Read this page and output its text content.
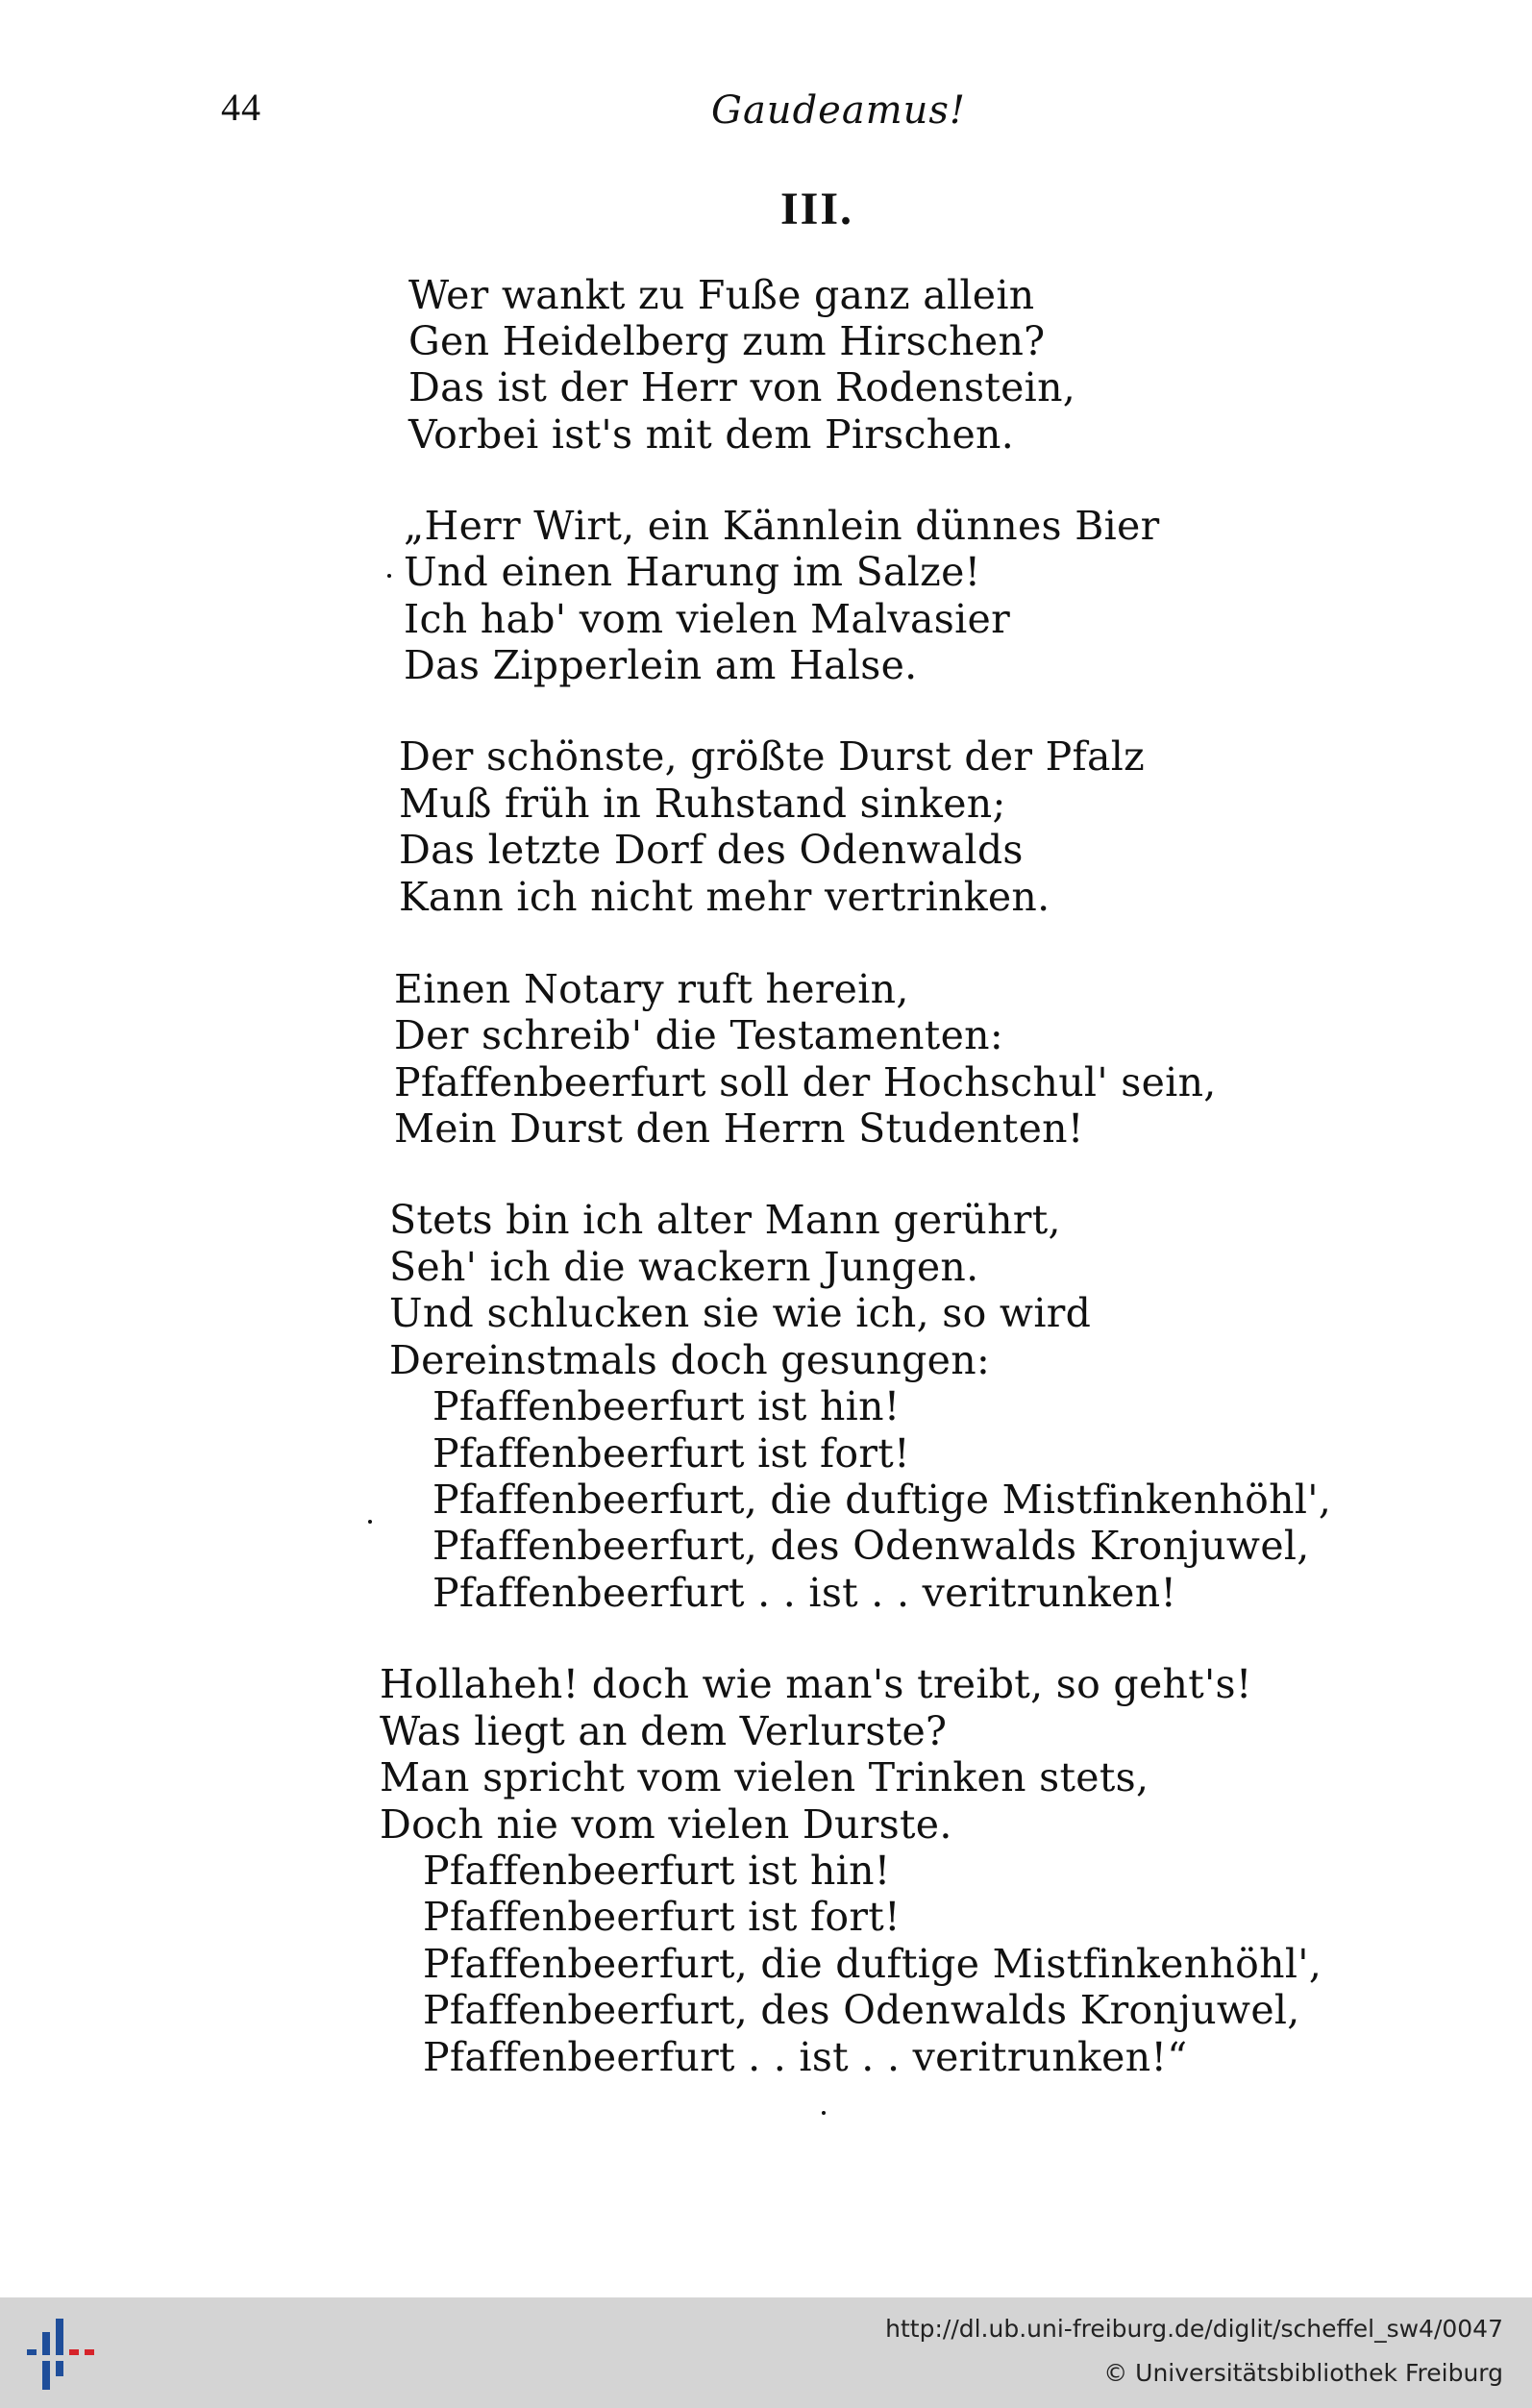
44	Gaudeamus!
III.
Wer wankt zu Fuße ganz allein
Gen Heidelberg zum Hirschen?
Das ist der Herr von Rodenstein,
Vorbei ist's mit dem Pirschen.
„Herr Wirt, ein Kännlein dünnes Bier
Und einen Harung im Salze!
Ich hab' vom vielen Malvasier
Das Zipperlein am Halse.
Der schönste, größte Durst der Pfalz
Muß früh in Ruhstand sinken;
Das letzte Dorf des Odenwalds
Kann ich nicht mehr vertrinken.
Einen Notary ruft herein,
Der schreib' die Testamenten:
Pfaffenbeerfurt soll der Hochschul' sein,
Mein Durst den Herrn Studenten!
Stets bin ich alter Mann gerührt,
Seh' ich die wackern Jungen.
Und schlucken sie wie ich, so wird
Dereinstmals doch gesungen:
Pfaffenbeerfurt ist hin!
Pfaffenbeerfurt ist fort!
Pfaffenbeerfurt, die duftige Mistfinkenhöhl',
Pfaffenbeerfurt, des Odenwalds Kronjuwel,
Pfaffenbeerfurt . . ist . . veritrunken!
Hollaheh! doch wie man's treibt, so geht's!
Was liegt an dem Verlurste?
Man spricht vom vielen Trinken stets,
Doch nie vom vielen Durste.
Pfaffenbeerfurt ist hin!
Pfaffenbeerfurt ist fort!
Pfaffenbeerfurt, die duftige Mistfinkenhöhl',
Pfaffenbeerfurt, des Odenwalds Kronjuwel,
Pfaffenbeerfurt . . ist . . veritrunken!“
http://dl.ub.uni-freiburg.de/diglit/scheffel_sw4/0047
© Universitätsbibliothek Freiburg
